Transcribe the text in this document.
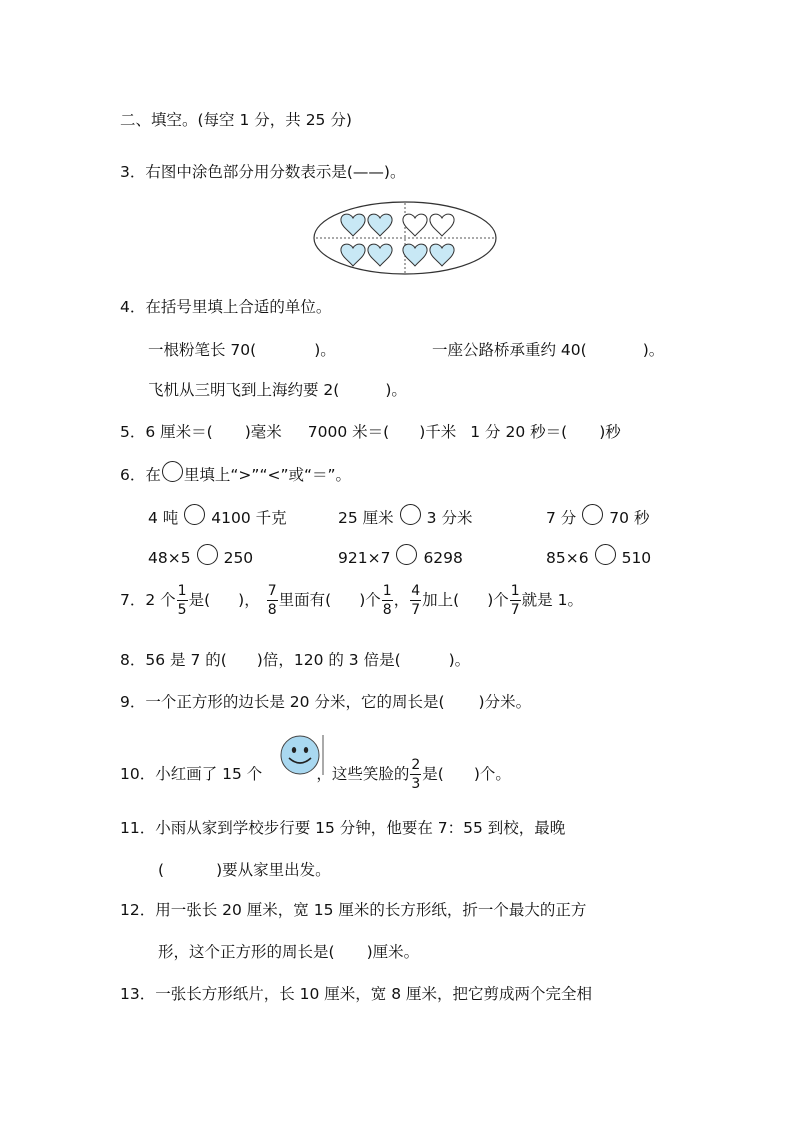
二、填空。(每空 1 分，共 25 分)
3．右图中涂色部分用分数表示是(——)。
4．在括号里填上合适的单位。
一根粉笔长 70(	)。	一座公路桥承重约 40(	)。
飞机从三明飞到上海约要 2(	)。
5．6 厘米＝( )毫米 7000 米＝( )千米 1 分 20 秒＝( )秒
6．在 里填上“>”“<”或“＝”。
4 吨 4100 千克	25 厘米 3 分米	7 分 70 秒
48×5 250	921×7 6298	85×6 510
7．2 个 $\frac{1}{5}$ 是( )， $\frac{7}{8}$ 里面有( )个 $\frac{1}{8}$ ， $\frac{4}{7}$ 加上( )个 $\frac{1}{7}$ 就是 1。
8．56 是 7 的( )倍，120 的 3 倍是(	)。
9．一个正方形的边长是 20 分米，它的周长是( )分米。
10．小红画了 15 个	，这些笑脸的 $\frac{2}{3}$ 是( )个。
11．小雨从家到学校步行要 15 分钟，他要在 7：55 到校，最晚
(	)要从家里出发。
12．用一张长 20 厘米，宽 15 厘米的长方形纸，折一个最大的正方
形，这个正方形的周长是( )厘米。
13．一张长方形纸片，长 10 厘米，宽 8 厘米，把它剪成两个完全相
